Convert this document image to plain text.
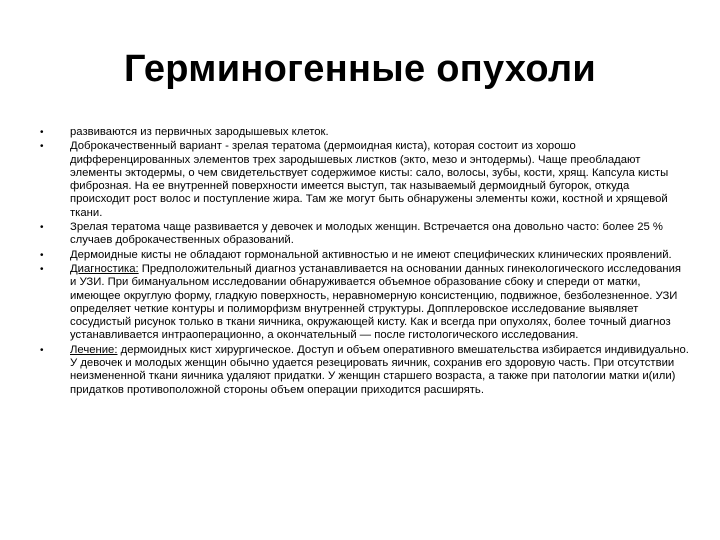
Герминогенные опухоли
•	развиваются из первичных зародышевых клеток.
•	Доброкачественный вариант - зрелая тератома (дермоидная киста), которая состоит из хорошо дифференцированных элементов трех зародышевых листков (экто, мезо и энтодермы). Чаще преобладают элементы эктодермы, о чем свидетельствует содержимое кисты: сало, волосы, зубы, кости, хрящ. Капсула кисты фиброзная. На ее внутренней поверхности имеется выступ, так называемый дермоидный бугорок, откуда происходит рост волос и поступление жира. Там же могут быть обнаружены элементы кожи, костной и хрящевой ткани.
•	Зрелая тератома чаще развивается у девочек и молодых женщин. Встречается она довольно часто: более 25 % случаев доброкачественных образований.
•	Дермоидные кисты не обладают гормональной активностью и не имеют специфических клинических проявлений.
•	Диагностика: Предположительный диагноз устанавливается на основании данных гинекологического исследования и УЗИ. При бимануальном исследовании обнаруживается объемное образование сбоку и спереди от матки, имеющее округлую форму, гладкую поверхность, неравномерную консистенцию, подвижное, безболезненное. УЗИ определяет четкие контуры и полиморфизм внутренней структуры. Допплеровское исследование выявляет сосудистый рисунок только в ткани яичника, окружающей кисту. Как и всегда при опухолях, более точный диагноз устанавливается интраоперационно, а окончательный — после гистологического исследования.
•	Лечение: дермоидных кист хирургическое. Доступ и объем оперативного вмешательства избирается индивидуально. У девочек и молодых женщин обычно удается резецировать яичник, сохранив его здоровую часть. При отсутствии неизмененной ткани яичника удаляют придатки. У женщин старшего возраста, а также при патологии матки и(или) придатков противоположной стороны объем операции приходится расширять.
